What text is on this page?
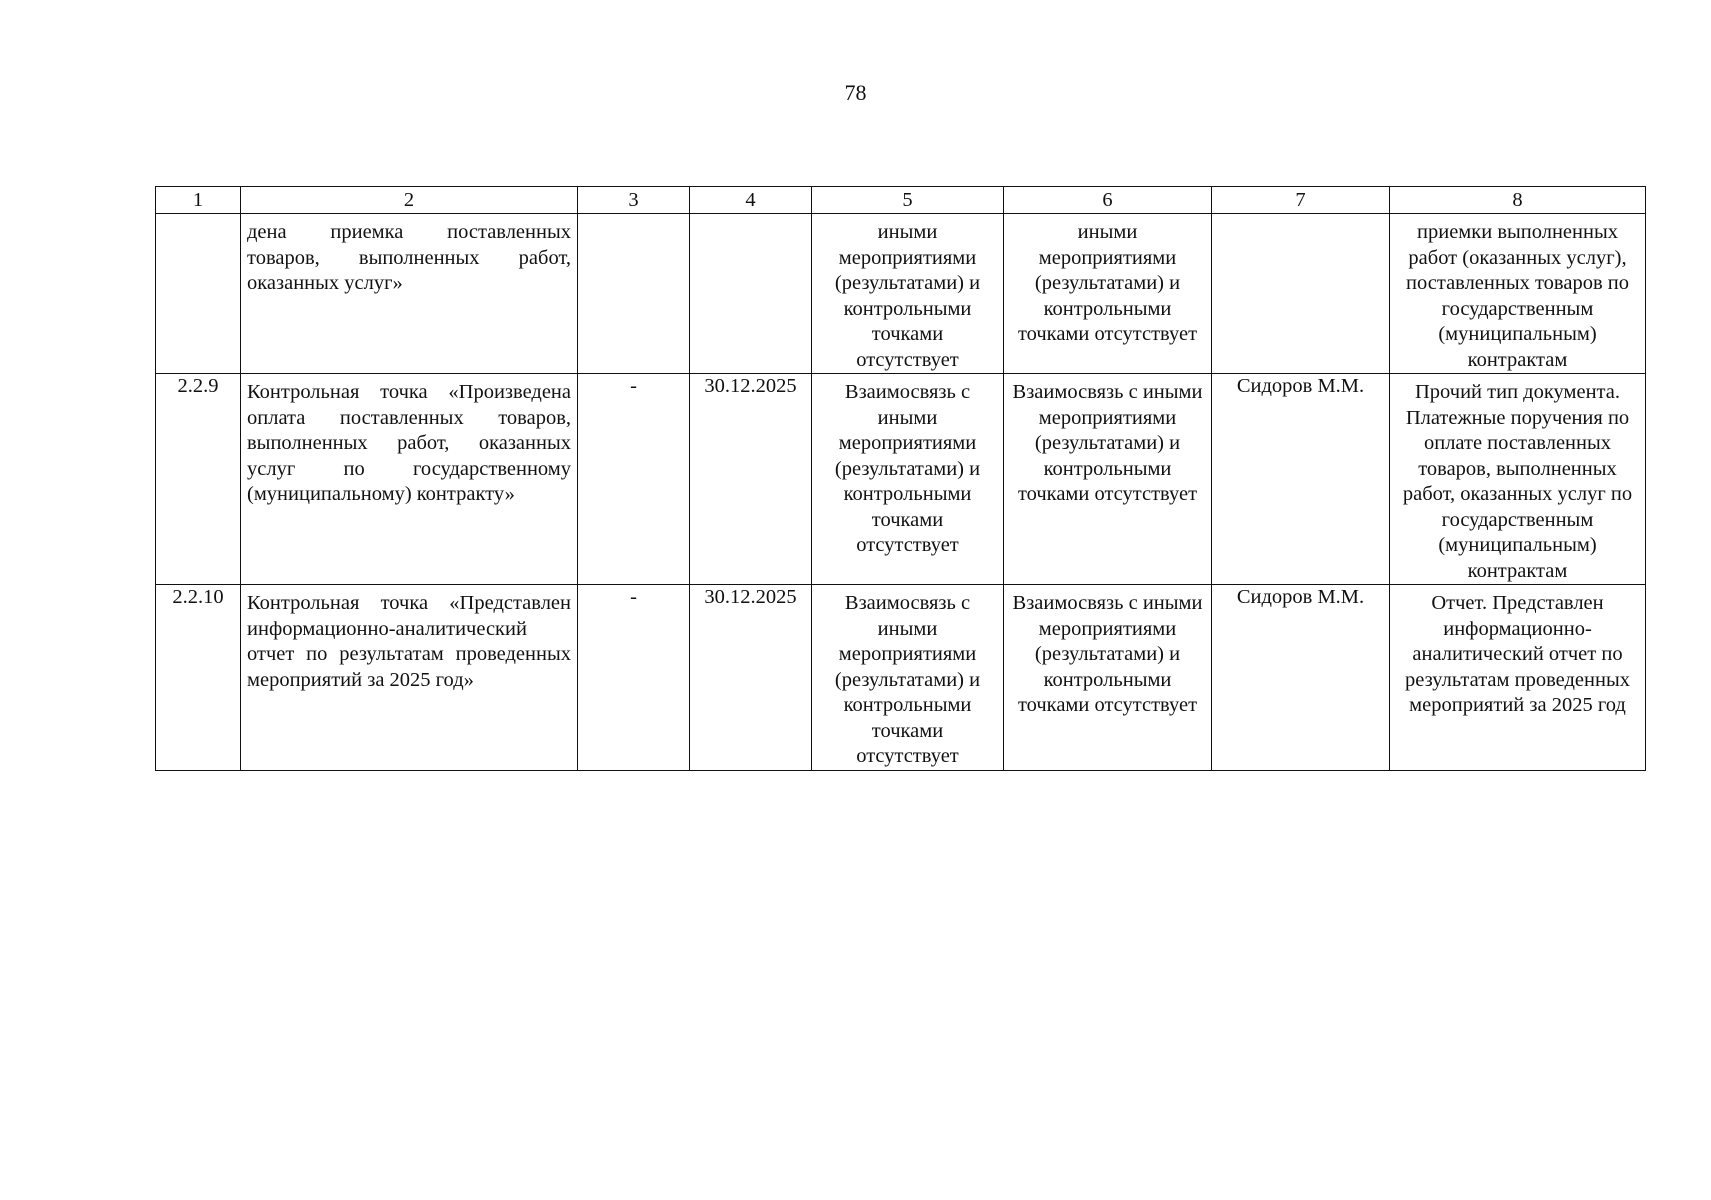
78
1	2	3	4	5	6	7	8
	дена приемка поставленных товаров, выполненных работ, оказанных услуг»			иными мероприятиями (результатами) и контрольными точками отсутствует	иными мероприятиями (результатами) и контрольными точками отсутствует		приемки выполненных работ (оказанных услуг), поставленных товаров по государственным (муниципальным) контрактам
2.2.9	Контрольная точка «Произведена оплата поставленных товаров, выполненных работ, оказанных услуг по государственному (муниципальному) контракту»	-	30.12.2025	Взаимосвязь с иными мероприятиями (результатами) и контрольными точками отсутствует	Взаимосвязь с иными мероприятиями (результатами) и контрольными точками отсутствует	Сидоров М.М.	Прочий тип документа. Платежные поручения по оплате поставленных товаров, выполненных работ, оказанных услуг по государственным (муниципальным) контрактам
2.2.10	Контрольная точка «Представлен информационно-аналитический отчет по результатам проведенных мероприятий за 2025 год»	-	30.12.2025	Взаимосвязь с иными мероприятиями (результатами) и контрольными точками отсутствует	Взаимосвязь с иными мероприятиями (результатами) и контрольными точками отсутствует	Сидоров М.М.	Отчет. Представлен информационно-аналитический отчет по результатам проведенных мероприятий за 2025 год
